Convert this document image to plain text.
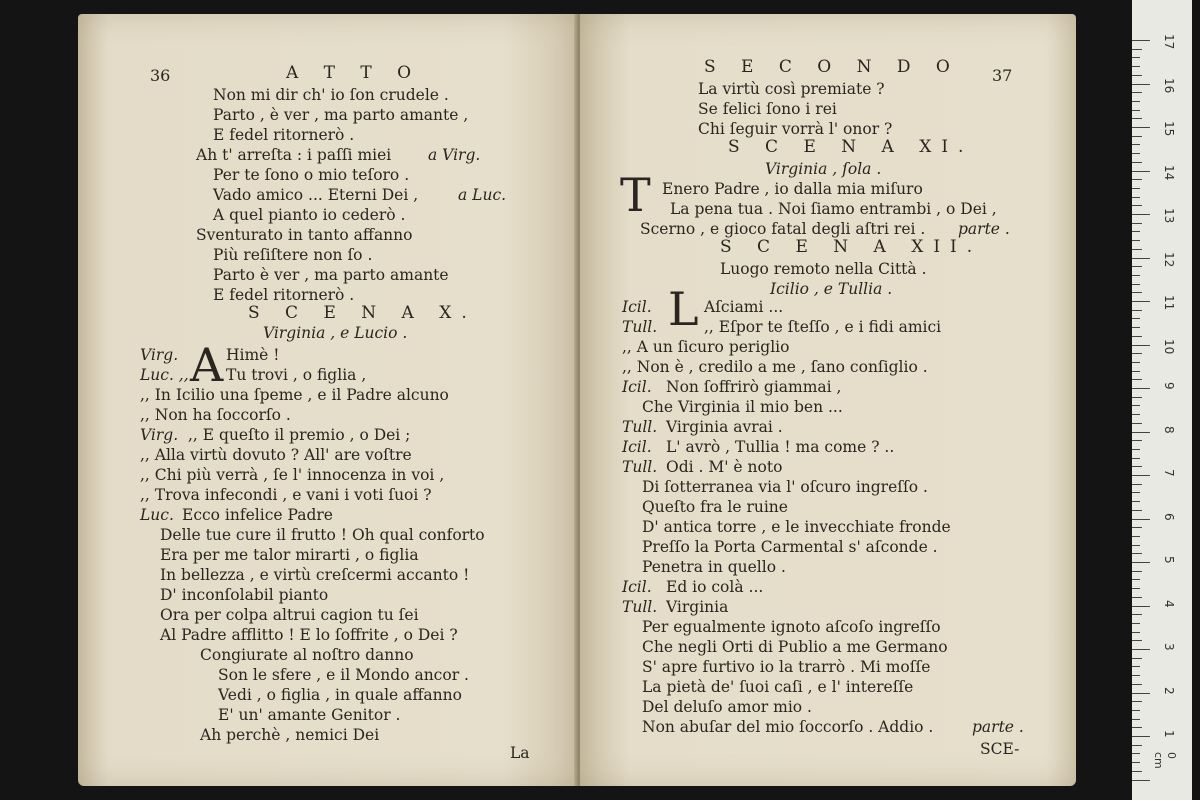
36	A T T O
Non mi dir ch' io ſon crudele .
Parto , è ver , ma parto amante ,
E fedel ritornerò .
Ah t' arreſta : i paſſi miei a Virg.
Per te ſono o mio teſoro .
Vado amico ... Eterni Dei ,	a Luc.
A quel pianto io cederò .
Sventurato in tanto affanno
Più reſiſtere non ſo .
Parto è ver , ma parto amante
E fedel ritornerò .
S C E N A X.
Virginia , e Lucio .
A
Virg.	Himè !
Luc. ,, Tu trovi , o figlia ,
,, In Icilio una ſpeme , e il Padre alcuno
,, Non ha ſoccorſo .
Virg. ,, E queſto il premio , o Dei ;
,, Alla virtù dovuto ? All' are voſtre
,, Chi più verrà , ſe l' innocenza in voi ,
,, Trova infecondi , e vani i voti ſuoi ?
Luc. Ecco infelice Padre
Delle tue cure il frutto ! Oh qual conforto
Era per me talor mirarti , o figlia
In bellezza , e virtù creſcermi accanto !
D' inconſolabil pianto
Ora per colpa altrui cagion tu ſei
Al Padre afflitto ! E lo ſoffrite , o Dei ?
Congiurate al noſtro danno
Son le sfere , e il Mondo ancor .
Vedi , o figlia , in quale affanno
E' un' amante Genitor .
Ah perchè , nemici Dei
La
S E C O N D O 37
La virtù così premiate ?
Se felici ſono i rei
Chi ſeguir vorrà l' onor ?
S C E N A XI.
Virginia , ſola .
T Enero Padre , io dalla mia miſuro
La pena tua . Noi ſiamo entrambi , o Dei ,
Scerno , e gioco fatal degli aſtri rei . parte .
S C E N A XII.
Luogo remoto nella Città .
Icilio , e Tullia .
L
Icil.	Aſciami ...
Tull.	,, Eſpor te ſteſſo , e i fidi amici
,, A un ſicuro periglio
,, Non è , credilo a me , ſano conſiglio .
Icil. Non ſoffrirò giammai ,
Che Virginia il mio ben ...
Tull. Virginia avrai .
Icil. L' avrò , Tullia ! ma come ? ..
Tull. Odi . M' è noto
Di ſotterranea via l' oſcuro ingreſſo .
Queſto fra le ruine
D' antica torre , e le invecchiate fronde
Preſſo la Porta Carmental s' aſconde .
Penetra in quello .
Icil. Ed io colà ...
Tull. Virginia
Per egualmente ignoto aſcoſo ingreſſo
Che negli Orti di Publio a me Germano
S' apre furtivo io la trarrò . Mi moſſe
La pietà de' ſuoi caſi , e l' intereſſe
Del deluſo amor mio .
Non abuſar del mio ſoccorſo . Addio . parte .
SCE-	0 cm
17
16
15
14
13
12
11
10
9
8
7
6
5
4
3
2
1
